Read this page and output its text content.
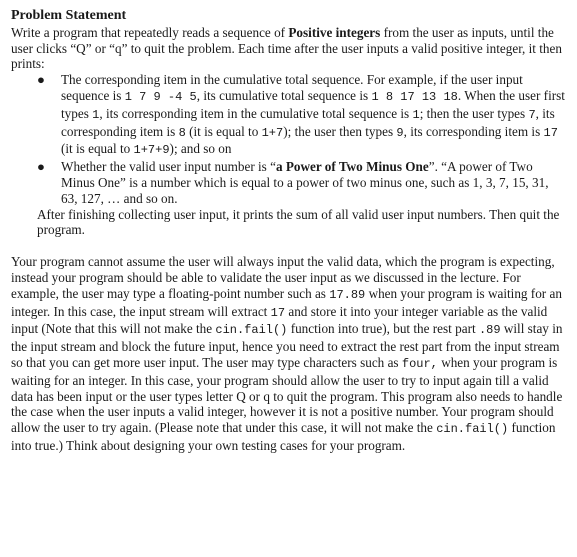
Problem Statement

Write a program that repeatedly reads a sequence of Positive integers from the user as inputs, until the user clicks “Q” or “q” to quit the problem. Each time after the user inputs a valid positive integer, it then prints:

● The corresponding item in the cumulative total sequence. For example, if the user input sequence is 1 7 9 -4 5, its cumulative total sequence is 1 8 17 13 18. When the user first types 1, its corresponding item in the cumulative total sequence is 1; then the user types 7, its corresponding item is 8 (it is equal to 1+7); the user then types 9, its corresponding item is 17 (it is equal to 1+7+9); and so on
● Whether the valid user input number is “a Power of Two Minus One”. “A power of Two Minus One” is a number which is equal to a power of two minus one, such as 1, 3, 7, 15, 31, 63, 127, … and so on.

After finishing collecting user input, it prints the sum of all valid user input numbers. Then quit the program.

Your program cannot assume the user will always input the valid data, which the program is expecting, instead your program should be able to validate the user input as we discussed in the lecture. For example, the user may type a floating-point number such as 17.89 when your program is waiting for an integer. In this case, the input stream will extract 17 and store it into your integer variable as the valid input (Note that this will not make the cin.fail() function into true), but the rest part .89 will stay in the input stream and block the future input, hence you need to extract the rest part from the input stream so that you can get more user input. The user may type characters such as four, when your program is waiting for an integer. In this case, your program should allow the user to try to input again till a valid data has been input or the user types letter Q or q to quit the program. This program also needs to handle the case when the user inputs a valid integer, however it is not a positive number. Your program should allow the user to try again. (Please note that under this case, it will not make the cin.fail() function into true.) Think about designing your own testing cases for your program.
